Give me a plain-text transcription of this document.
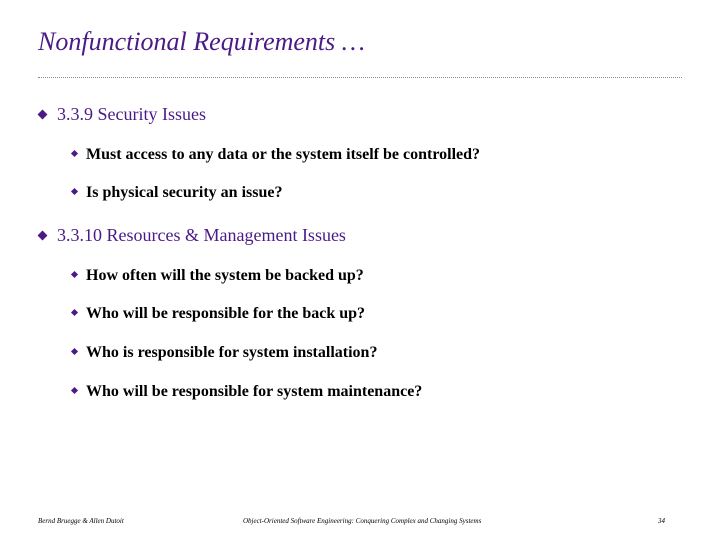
Nonfunctional Requirements …
3.3.9 Security Issues
Must access to any data or the system itself be controlled?
Is physical security an issue?
3.3.10 Resources & Management Issues
How often will the system be backed up?
Who will be responsible for the back up?
Who is responsible for system installation?
Who will be responsible for system maintenance?
Bernd Bruegge & Allen Dutoit	Object-Oriented Software Engineering: Conquering Complex and Changing Systems	34
